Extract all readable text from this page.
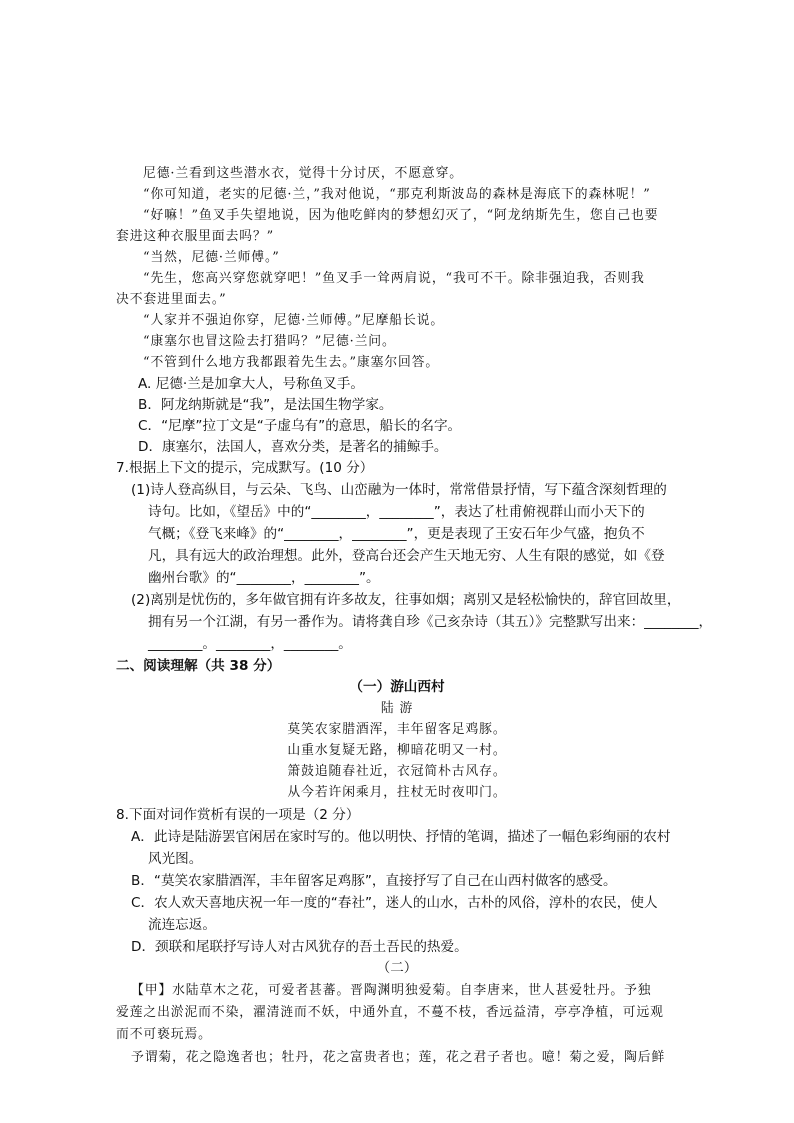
尼德·兰看到这些潜水衣，觉得十分讨厌，不愿意穿。
“你可知道，老实的尼德·兰，”我对他说，“那克利斯波岛的森林是海底下的森林呢！”
“好嘛！”鱼叉手失望地说，因为他吃鲜肉的梦想幻灭了，“阿龙纳斯先生，您自己也要
套进这种衣服里面去吗？”
“当然，尼德·兰师傅。”
“先生，您高兴穿您就穿吧！”鱼叉手一耸两肩说，“我可不干。除非强迫我，否则我
决不套进里面去。”
“人家并不强迫你穿，尼德·兰师傅。”尼摩船长说。
“康塞尔也冒这险去打猎吗？”尼德·兰问。
“不管到什么地方我都跟着先生去。”康塞尔回答。
A. 尼德·兰是加拿大人，号称鱼叉手。
B．阿龙纳斯就是“我”，是法国生物学家。
C．“尼摩”拉丁文是“子虚乌有”的意思，船长的名字。
D．康塞尔，法国人，喜欢分类，是著名的捕鲸手。
7.根据上下文的提示，完成默写。(10 分）
(1)诗人登高纵目，与云朵、飞鸟、山峦融为一体时，常常借景抒情，写下蕴含深刻哲理的
诗句。比如，《望岳》中的“________，________”，表达了杜甫俯视群山而小天下的
气概；《登飞来峰》的“________，________”，更是表现了王安石年少气盛，抱负不
凡，具有远大的政治理想。此外，登高台还会产生天地无穷、人生有限的感觉，如《登
幽州台歌》的“________，________”。
(2)离别是忧伤的，多年做官拥有许多故友，往事如烟；离别又是轻松愉快的，辞官回故里，
拥有另一个江湖，有另一番作为。请将龚自珍《己亥杂诗（其五）》完整默写出来：________，
________。________，________。
二、阅读理解（共 38 分）
（一）游山西村
陆 游
莫笑农家腊酒浑，丰年留客足鸡豚。
山重水复疑无路，柳暗花明又一村。
箫鼓追随春社近，衣冠简朴古风存。
从今若许闲乘月，拄杖无时夜叩门。
8.下面对词作赏析有误的一项是（2 分）
A．此诗是陆游罢官闲居在家时写的。他以明快、抒情的笔调，描述了一幅色彩绚丽的农村
风光图。
B．“莫笑农家腊酒浑，丰年留客足鸡豚”，直接抒写了自己在山西村做客的感受。
C．农人欢天喜地庆祝一年一度的“春社”，迷人的山水，古朴的风俗，淳朴的农民，使人
流连忘返。
D．颈联和尾联抒写诗人对古风犹存的吾土吾民的热爱。
（二）
【甲】水陆草木之花，可爱者甚蕃。晋陶渊明独爱菊。自李唐来，世人甚爱牡丹。予独
爱莲之出淤泥而不染，濯清涟而不妖，中通外直，不蔓不枝，香远益清，亭亭净植，可远观
而不可亵玩焉。
予谓菊，花之隐逸者也；牡丹，花之富贵者也；莲，花之君子者也。噫！菊之爱，陶后鲜
